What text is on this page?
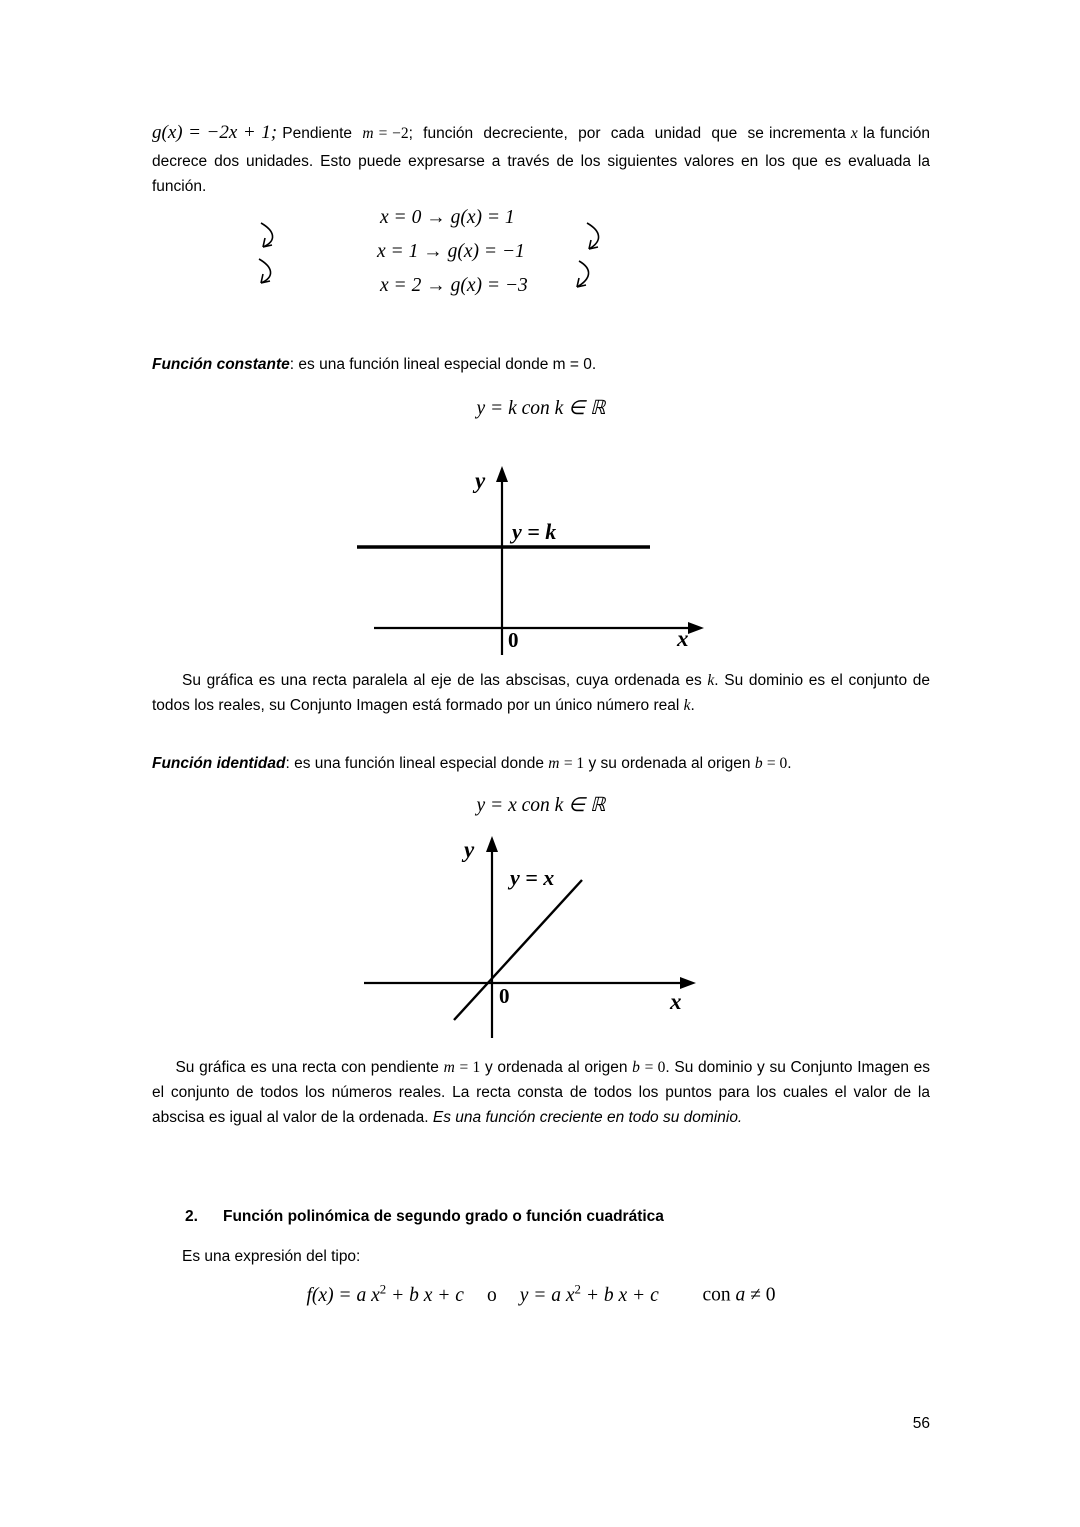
g(x) = −2x + 1; Pendiente  m = −2;  función  decreciente,  por  cada  unidad  que  se incrementa x la función decrece dos unidades. Esto puede expresarse a través de los siguientes valores en los que es evaluada la función.
x = 0 → g(x) = 1
x = 1 → g(x) = −1
x = 2 → g(x) = −3
Función constante: es una función lineal especial donde m = 0.
y = k con k ∈ ℝ
y
x
0
y = k
Su gráfica es una recta paralela al eje de las abscisas, cuya ordenada es k. Su dominio es el conjunto de todos los reales, su Conjunto Imagen está formado por un único número real k.
Función identidad: es una función lineal especial donde m = 1 y su ordenada al origen b = 0.
y = x con k ∈ ℝ
y
x
0
y = x
Su gráfica es una recta con pendiente m = 1 y ordenada al origen b = 0. Su dominio y su Conjunto Imagen es el conjunto de todos los números reales. La recta consta de todos los puntos para los cuales el valor de la abscisa es igual al valor de la ordenada. Es una función creciente en todo su dominio.
2. Función polinómica de segundo grado o función cuadrática
Es una expresión del tipo:
f(x) = a $x^2 + b$ x + c o y = a $x^2 + b$ x + c con a ≠ 0
56
